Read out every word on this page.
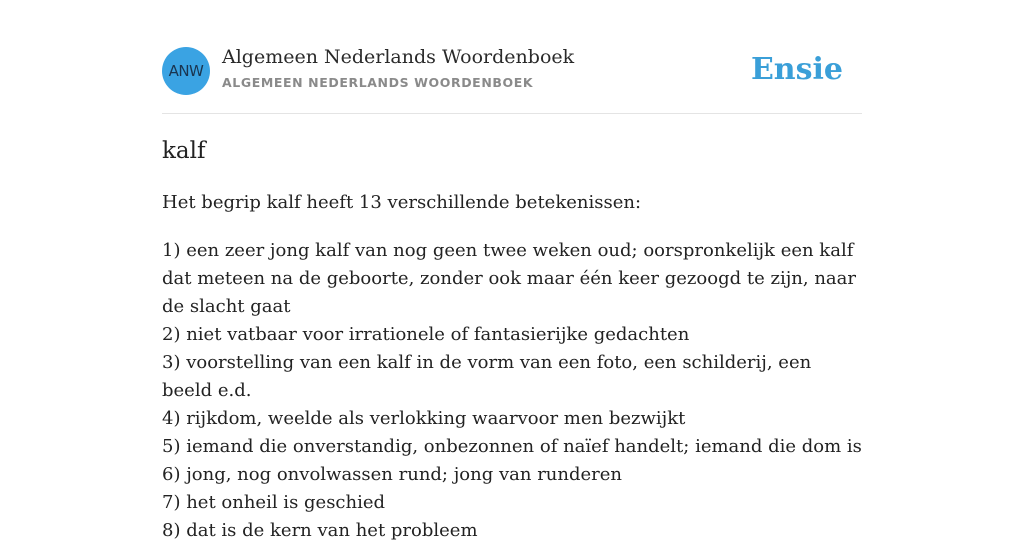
ANW
Algemeen Nederlands Woordenboek
ALGEMEEN NEDERLANDS WOORDENBOEK	Ensie
kalf

Het begrip kalf heeft 13 verschillende betekenissen:

1) een zeer jong kalf van nog geen twee weken oud; oorspronkelijk een kalf dat meteen na de geboorte, zonder ook maar één keer gezoogd te zijn, naar de slacht gaat
2) niet vatbaar voor irrationele of fantasierijke gedachten
3) voorstelling van een kalf in de vorm van een foto, een schilderij, een beeld e.d.
4) rijkdom, weelde als verlokking waarvoor men bezwijkt
5) iemand die onverstandig, onbezonnen of naïef handelt; iemand die dom is
6) jong, nog onvolwassen rund; jong van runderen
7) het onheil is geschied
8) dat is de kern van het probleem
